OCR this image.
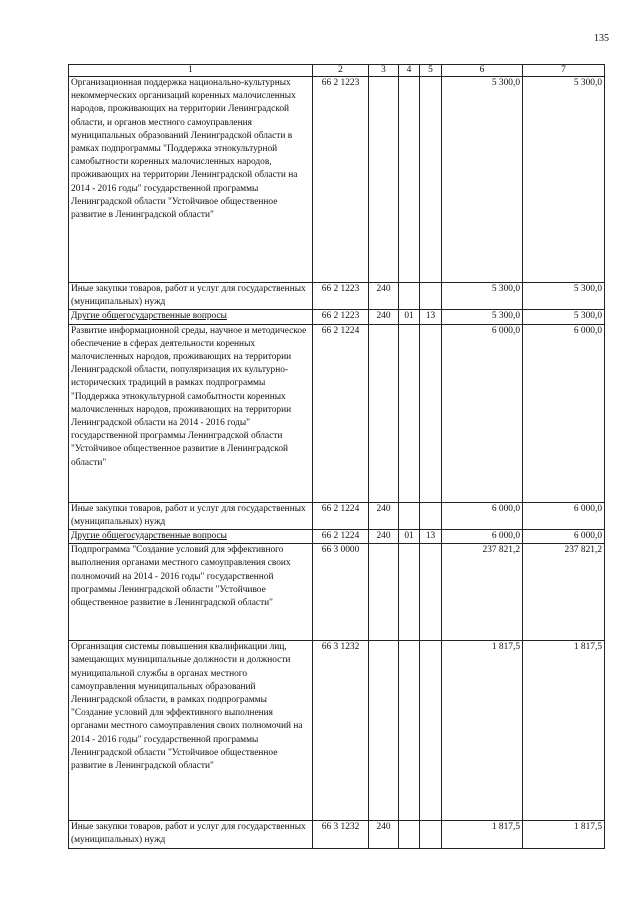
135
1	2	3	4	5	6	7
Организационная поддержка национально-культурных некоммерческих организаций коренных малочисленных народов, проживающих на территории Ленинградской области, и органов местного самоуправления муниципальных образований Ленинградской области в рамках подпрограммы "Поддержка этнокультурной самобытности коренных малочисленных народов, проживающих на территории Ленинградской области на 2014 - 2016 годы" государственной программы Ленинградской области "Устойчивое общественное развитие в Ленинградской области"	66 2 1223				5 300,0	5 300,0
Иные закупки товаров, работ и услуг для государственных (муниципальных) нужд	66 2 1223	240			5 300,0	5 300,0
Другие общегосударственные вопросы	66 2 1223	240	01	13	5 300,0	5 300,0
Развитие информационной среды, научное и методическое обеспечение в сферах деятельности коренных малочисленных народов, проживающих на территории Ленинградской области, популяризация их культурно-исторических традиций в рамках подпрограммы "Поддержка этнокультурной самобытности коренных малочисленных народов, проживающих на территории Ленинградской области на 2014 - 2016 годы" государственной программы Ленинградской области "Устойчивое общественное развитие в Ленинградской области"	66 2 1224				6 000,0	6 000,0
Иные закупки товаров, работ и услуг для государственных (муниципальных) нужд	66 2 1224	240			6 000,0	6 000,0
Другие общегосударственные вопросы	66 2 1224	240	01	13	6 000,0	6 000,0
Подпрограмма "Создание условий для эффективного выполнения органами местного самоуправления своих полномочий на 2014 - 2016 годы" государственной программы Ленинградской области "Устойчивое общественное развитие в Ленинградской области"	66 3 0000				237 821,2	237 821,2
Организация системы повышения квалификации лиц, замещающих муниципальные должности и должности муниципальной службы в органах местного самоуправления муниципальных образований Ленинградской области, в рамках подпрограммы "Создание условий для эффективного выполнения органами местного самоуправления своих полномочий на 2014 - 2016 годы" государственной программы Ленинградской области "Устойчивое общественное развитие в Ленинградской области"	66 3 1232				1 817,5	1 817,5
Иные закупки товаров, работ и услуг для государственных (муниципальных) нужд	66 3 1232	240			1 817,5	1 817,5
